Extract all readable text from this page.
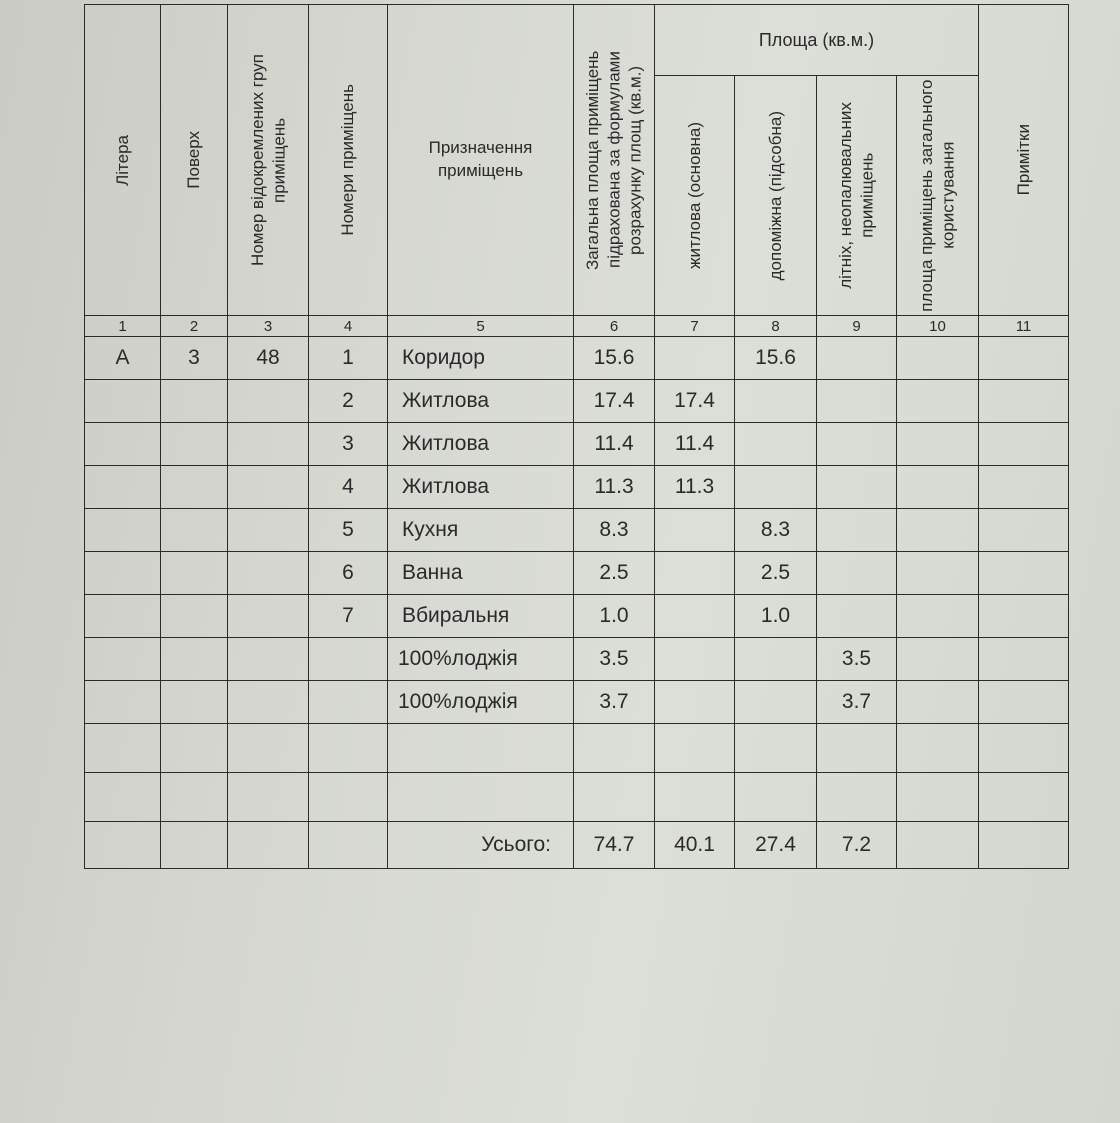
Літера	Поверх	Номер відокремлених груп приміщень	Номери приміщень	Призначення приміщень	Загальна площа приміщень підрахована за формулами розрахунку площ (кв.м.)	Площа (кв.м.)				Примітки

						житлова (основна)	допоміжна (підсобна)	літніх, неопалювальних приміщень	площа приміщень загального користування	

1	2	3	4	5	6	7	8	9	10	11
А	3	48	1	Коридор	15.6		15.6			
			2	Житлова	17.4	17.4				
			3	Житлова	11.4	11.4				
			4	Житлова	11.3	11.3				
			5	Кухня	8.3		8.3			
			6	Ванна	2.5		2.5			
			7	Вбиральня	1.0		1.0			
				100%лоджія	3.5			3.5		
				100%лоджія	3.7			3.7		

				Усього:	74.7	40.1	27.4	7.2		
